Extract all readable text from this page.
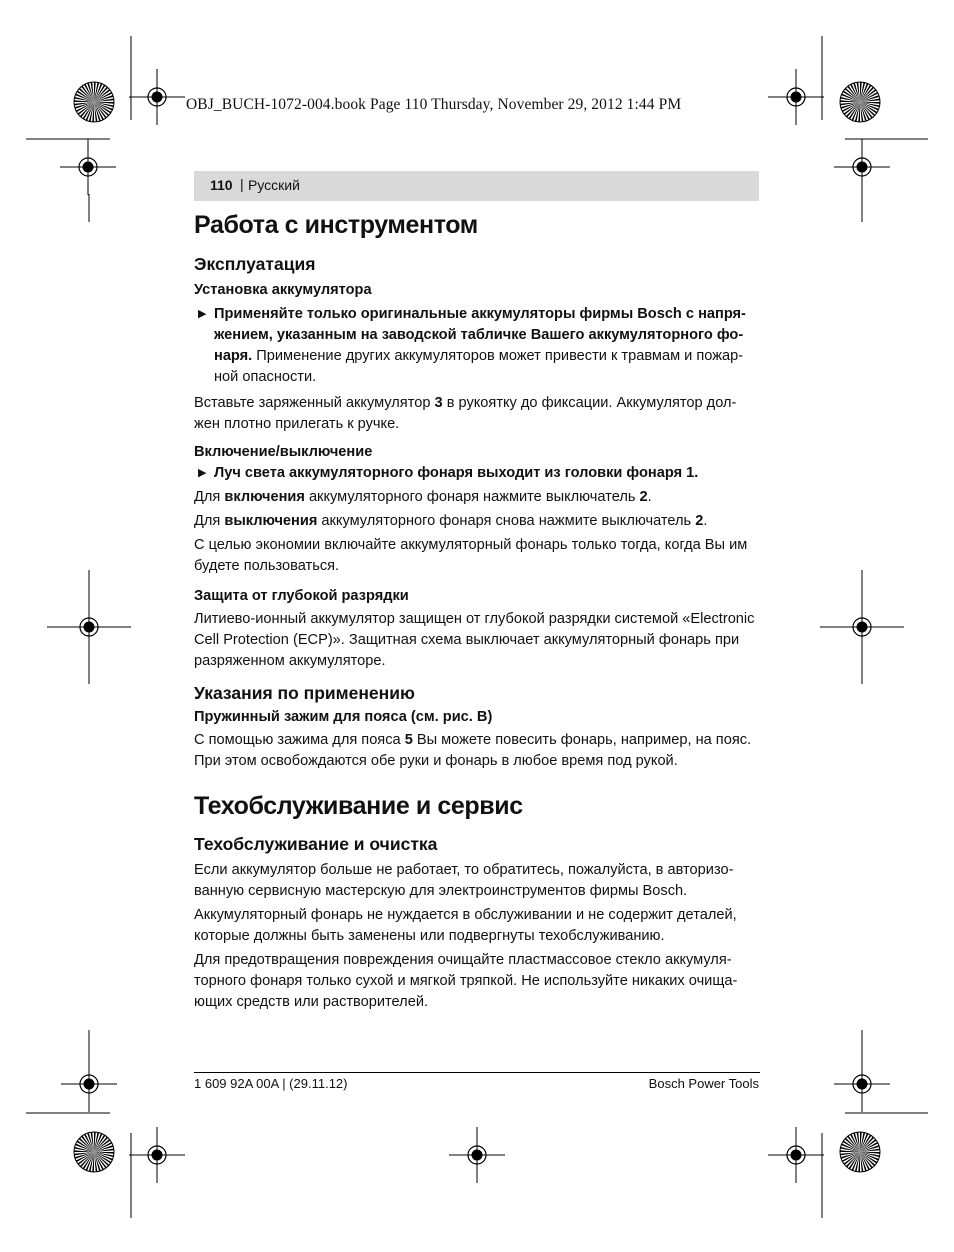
OBJ_BUCH-1072-004.book Page 110 Thursday, November 29, 2012 1:44 PM
110 | Русский
Работа с инструментом
Эксплуатация
Установка аккумулятора

▶ Применяйте только оригинальные аккумуляторы фирмы Bosch с напря-жением, указанным на заводской табличке Вашего аккумуляторного фо-наря. Применение других аккумуляторов может привести к травмам и пожар-ной опасности.

Вставьте заряженный аккумулятор 3 в рукоятку до фиксации. Аккумулятор дол-жен плотно прилегать к ручке.

Включение/выключение

▶ Луч света аккумуляторного фонаря выходит из головки фонаря 1.

Для включения аккумуляторного фонаря нажмите выключатель 2.

Для выключения аккумуляторного фонаря снова нажмите выключатель 2.

С целью экономии включайте аккумуляторный фонарь только тогда, когда Вы им будете пользоваться.

Защита от глубокой разрядки

Литиево-ионный аккумулятор защищен от глубокой разрядки системой «Electronic Cell Protection (ECP)». Защитная схема выключает аккумуляторный фонарь при разряженном аккумуляторе.

Указания по применению
Пружинный зажим для пояса (см. рис. B)

С помощью зажима для пояса 5 Вы можете повесить фонарь, например, на пояс. При этом освобождаются обе руки и фонарь в любое время под рукой.

Техобслуживание и сервис
Техобслуживание и очистка

Если аккумулятор больше не работает, то обратитесь, пожалуйста, в авторизо-ванную сервисную мастерскую для электроинструментов фирмы Bosch.

Аккумуляторный фонарь не нуждается в обслуживании и не содержит деталей, которые должны быть заменены или подвергнуты техобслуживанию.

Для предотвращения повреждения очищайте пластмассовое стекло аккумуля-торного фонаря только сухой и мягкой тряпкой. Не используйте никаких очища-ющих средств или растворителей.

1 609 92A 00A | (29.11.12)	Bosch Power Tools
